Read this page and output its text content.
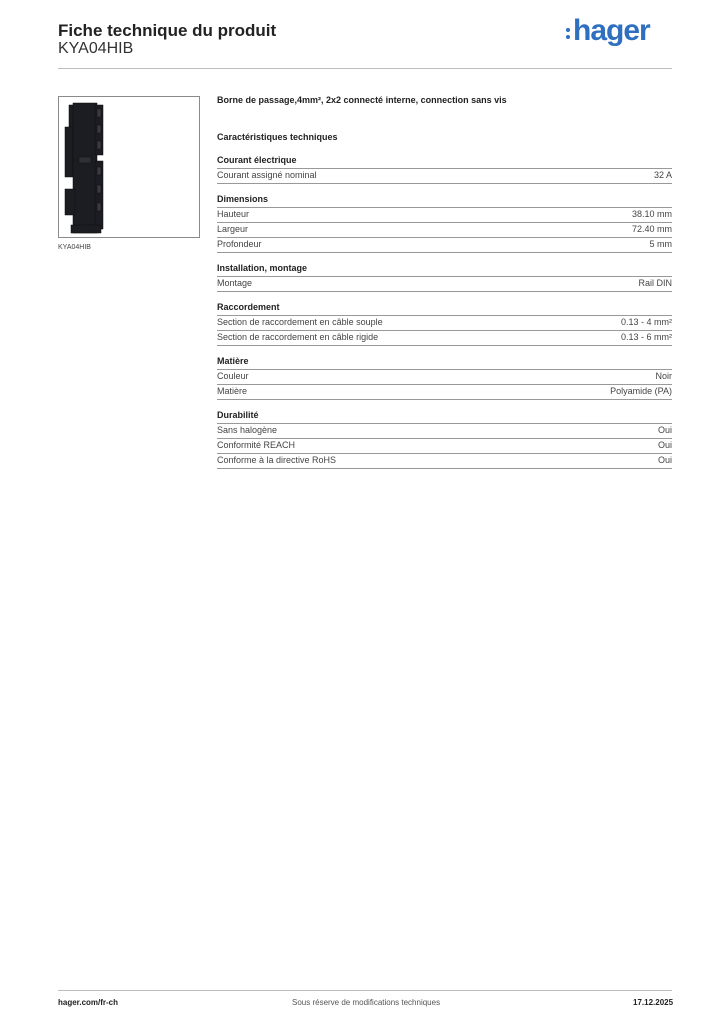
Fiche technique du produit
KYA04HIB
hager
KYA04HIB
Borne de passage,4mm², 2x2 connecté interne, connection sans vis
Caractéristiques techniques
Courant électrique
Courant assigné nominal	32 A
Dimensions
Hauteur	38.10 mm
Largeur	72.40 mm
Profondeur	5 mm
Installation, montage
Montage	Rail DIN
Raccordement
Section de raccordement en câble souple	0.13 - 4 mm²
Section de raccordement en câble rigide	0.13 - 6 mm²
Matière
Couleur	Noir
Matière	Polyamide (PA)
Durabilité
Sans halogène	Oui
Conformité REACH	Oui
Conforme à la directive RoHS	Oui
hager.com/fr-ch	Sous réserve de modifications techniques	17.12.2025
